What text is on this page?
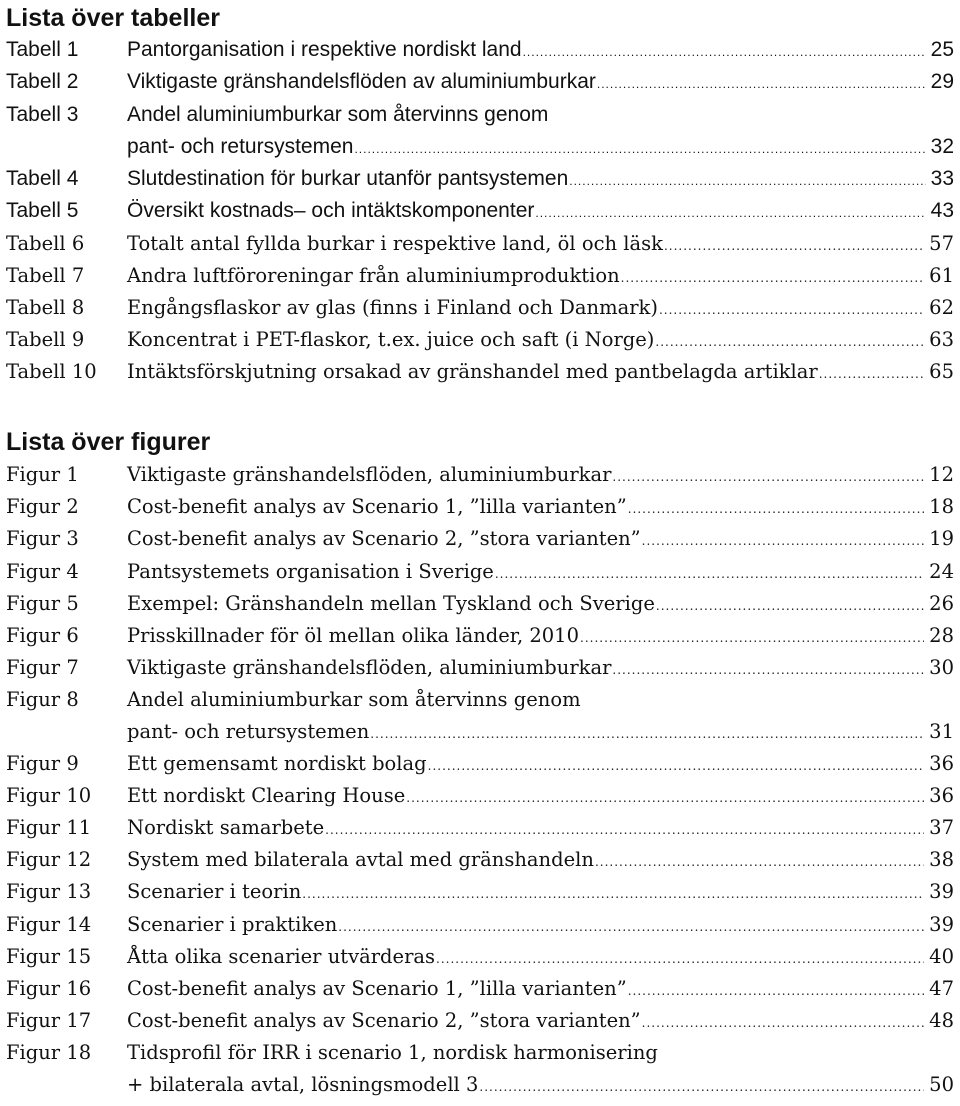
Lista över tabeller
Tabell 1	Pantorganisation i respektive nordiskt land .....	25
Tabell 2	Viktigaste gränshandelsflöden av aluminiumburkar .....	29
Tabell 3	Andel aluminiumburkar som återvinns genom
pant- och retursystemen .....	32
Tabell 4	Slutdestination för burkar utanför pantsystemen .....	33
Tabell 5	Översikt kostnads– och intäktskomponenter .....	43
Tabell 6	Totalt antal fyllda burkar i respektive land, öl och läsk .....	57
Tabell 7	Andra luftföroreningar från aluminiumproduktion .....	61
Tabell 8	Engångsflaskor av glas (finns i Finland och Danmark) .....	62
Tabell 9	Koncentrat i PET-flaskor, t.ex. juice och saft (i Norge) .....	63
Tabell 10	Intäktsförskjutning orsakad av gränshandel med pantbelagda artiklar .....	65
Lista över figurer
Figur 1	Viktigaste gränshandelsflöden, aluminiumburkar .....	12
Figur 2	Cost-benefit analys av Scenario 1, ”lilla varianten” .....	18
Figur 3	Cost-benefit analys av Scenario 2, ”stora varianten” .....	19
Figur 4	Pantsystemets organisation i Sverige .....	24
Figur 5	Exempel: Gränshandeln mellan Tyskland och Sverige .....	26
Figur 6	Prisskillnader för öl mellan olika länder, 2010 .....	28
Figur 7	Viktigaste gränshandelsflöden, aluminiumburkar .....	30
Figur 8	Andel aluminiumburkar som återvinns genom
pant- och retursystemen .....	31
Figur 9	Ett gemensamt nordiskt bolag .....	36
Figur 10	Ett nordiskt Clearing House .....	36
Figur 11	Nordiskt samarbete .....	37
Figur 12	System med bilaterala avtal med gränshandeln .....	38
Figur 13	Scenarier i teorin .....	39
Figur 14	Scenarier i praktiken .....	39
Figur 15	Åtta olika scenarier utvärderas .....	40
Figur 16	Cost-benefit analys av Scenario 1, ”lilla varianten” .....	47
Figur 17	Cost-benefit analys av Scenario 2, ”stora varianten” .....	48
Figur 18	Tidsprofil för IRR i scenario 1, nordisk harmonisering
+ bilaterala avtal, lösningsmodell 3 .....	50
